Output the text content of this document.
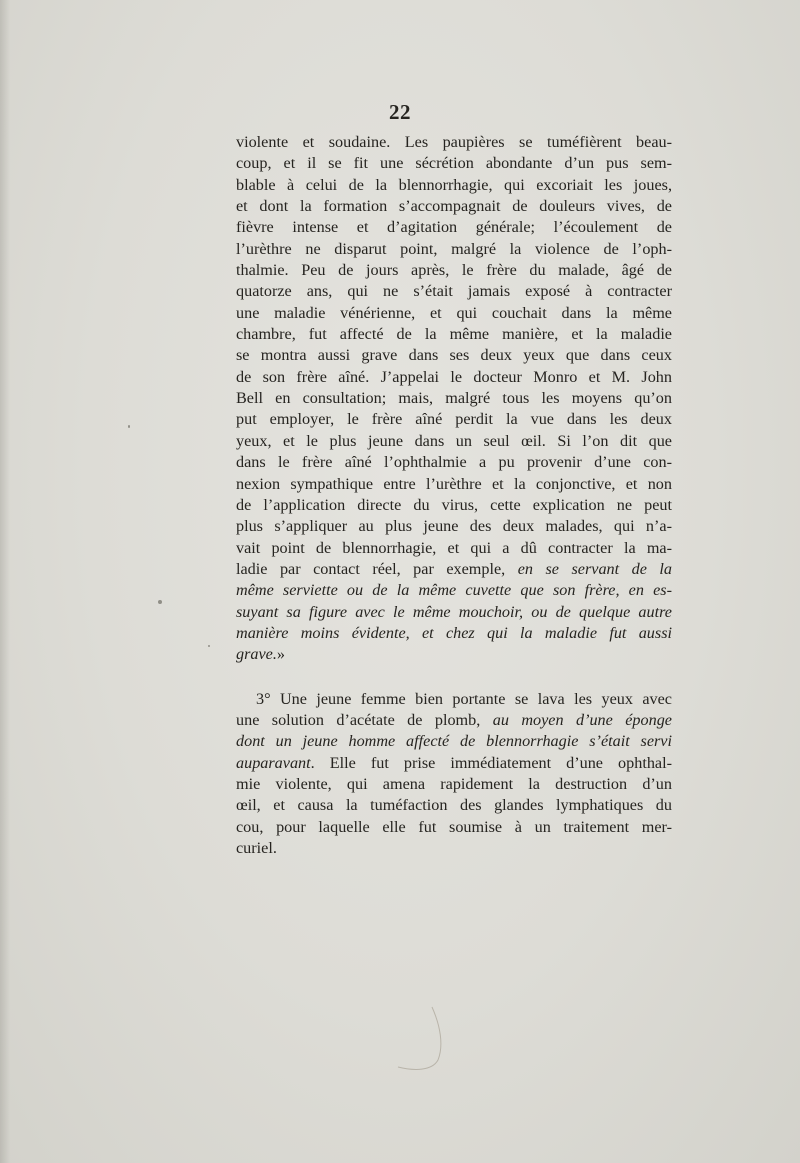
22
violente et soudaine. Les paupières se tuméfièrent beau-
coup, et il se fit une sécrétion abondante d’un pus sem-
blable à celui de la blennorrhagie, qui excoriait les joues,
et dont la formation s’accompagnait de douleurs vives, de
fièvre intense et d’agitation générale; l’écoulement de
l’urèthre ne disparut point, malgré la violence de l’oph-
thalmie. Peu de jours après, le frère du malade, âgé de
quatorze ans, qui ne s’était jamais exposé à contracter
une maladie vénérienne, et qui couchait dans la même
chambre, fut affecté de la même manière, et la maladie
se montra aussi grave dans ses deux yeux que dans ceux
de son frère aîné. J’appelai le docteur Monro et M. John
Bell en consultation; mais, malgré tous les moyens qu’on
put employer, le frère aîné perdit la vue dans les deux
yeux, et le plus jeune dans un seul œil. Si l’on dit que
dans le frère aîné l’ophthalmie a pu provenir d’une con-
nexion sympathique entre l’urèthre et la conjonctive, et non
de l’application directe du virus, cette explication ne peut
plus s’appliquer au plus jeune des deux malades, qui n’a-
vait point de blennorrhagie, et qui a dû contracter la ma-
ladie par contact réel, par exemple, en se servant de la
même serviette ou de la même cuvette que son frère, en es-
suyant sa figure avec le même mouchoir, ou de quelque autre
manière moins évidente, et chez qui la maladie fut aussi
grave.»
3° Une jeune femme bien portante se lava les yeux avec
une solution d’acétate de plomb, au moyen d’une éponge
dont un jeune homme affecté de blennorrhagie s’était servi
auparavant. Elle fut prise immédiatement d’une ophthal-
mie violente, qui amena rapidement la destruction d’un
œil, et causa la tuméfaction des glandes lymphatiques du
cou, pour laquelle elle fut soumise à un traitement mer-
curiel.
